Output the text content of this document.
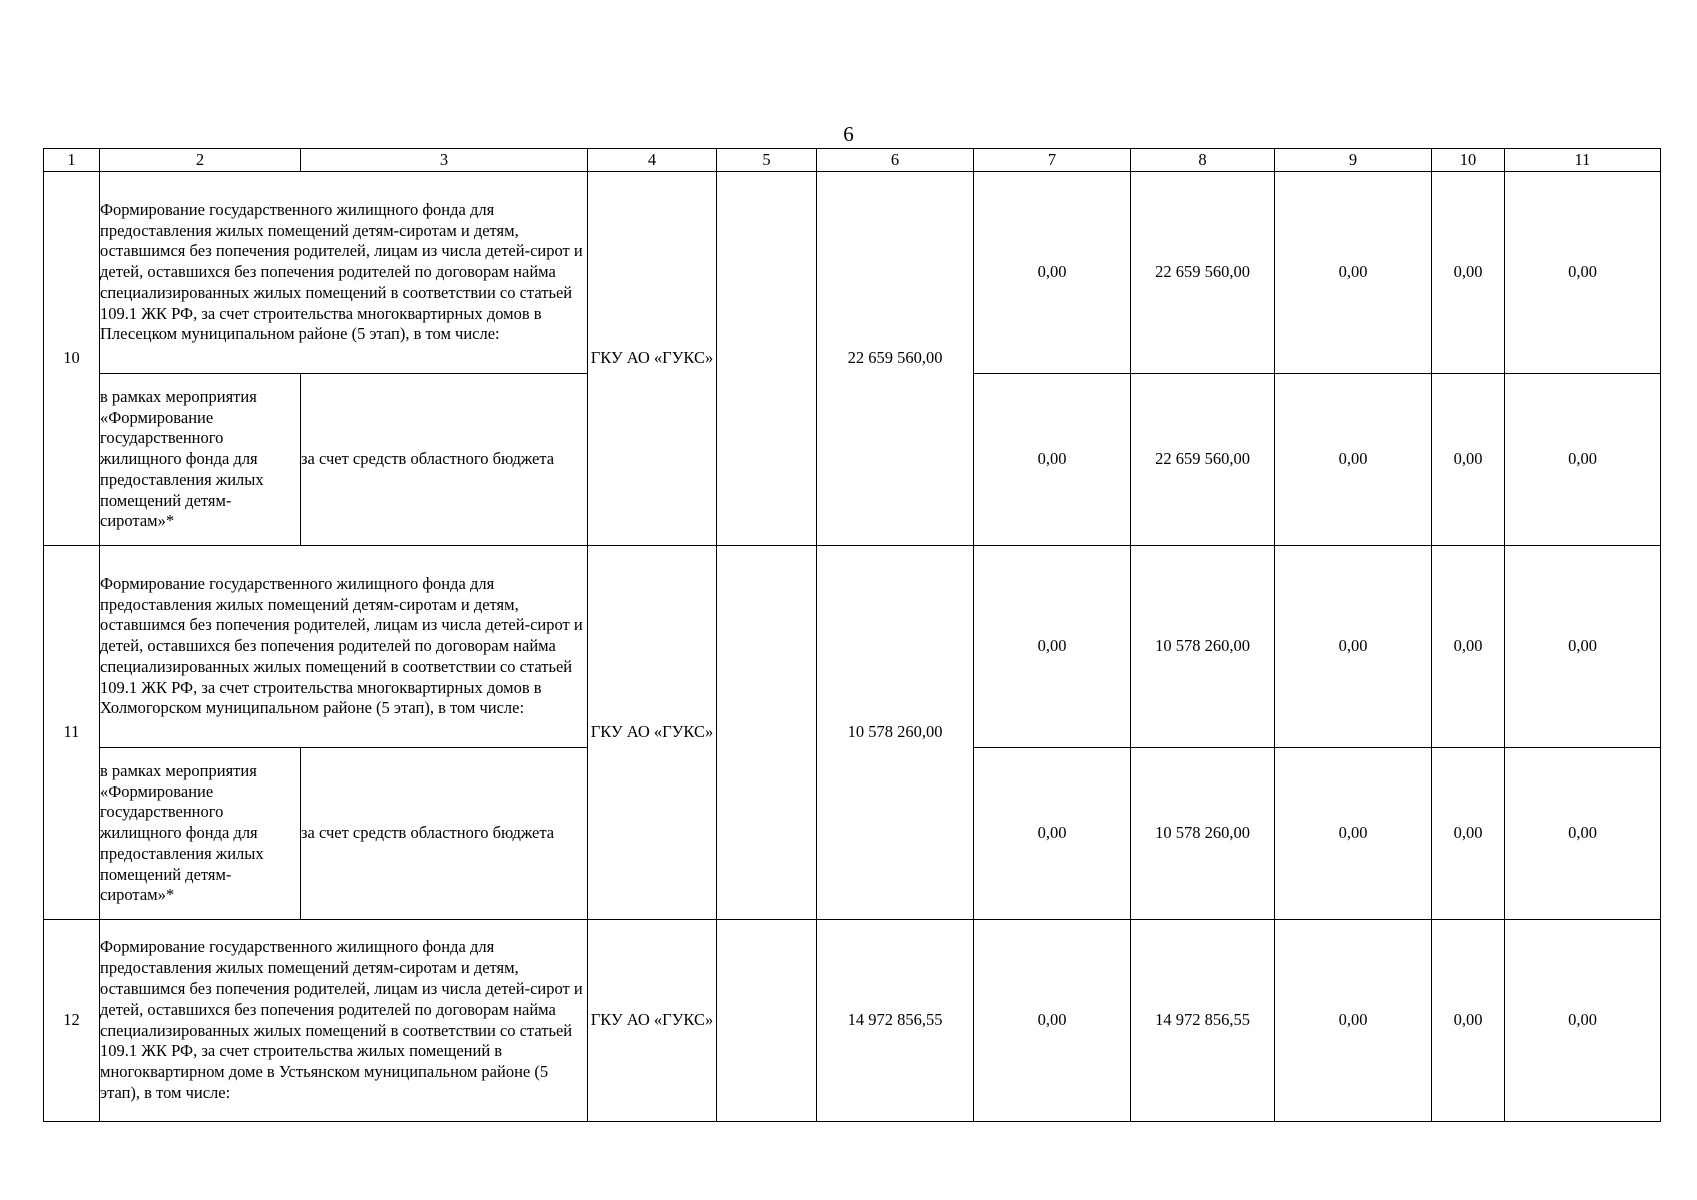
6
1	2	3	4	5	6	7	8	9	10	11
10	Формирование государственного жилищного фонда для предоставления жилых помещений детям-сиротам и детям, оставшимся без попечения родителей, лицам из числа детей-сирот и детей, оставшихся без попечения родителей по договорам найма специализированных жилых помещений в соответствии со статьей 109.1 ЖК РФ, за счет строительства многоквартирных домов в Плесецком муниципальном районе (5 этап), в том числе:		ГКУ АО «ГУКС»		22 659 560,00	0,00	22 659 560,00	0,00	0,00	0,00
	в рамках мероприятия «Формирование государственного жилищного фонда для предоставления жилых помещений детям-сиротам»*	за счет средств областного бюджета				0,00	22 659 560,00	0,00	0,00	0,00
11	Формирование государственного жилищного фонда для предоставления жилых помещений детям-сиротам и детям, оставшимся без попечения родителей, лицам из числа детей-сирот и детей, оставшихся без попечения родителей по договорам найма специализированных жилых помещений в соответствии со статьей 109.1 ЖК РФ, за счет строительства многоквартирных домов в Холмогорском муниципальном районе (5 этап), в том числе:		ГКУ АО «ГУКС»		10 578 260,00	0,00	10 578 260,00	0,00	0,00	0,00
	в рамках мероприятия «Формирование государственного жилищного фонда для предоставления жилых помещений детям-сиротам»*	за счет средств областного бюджета				0,00	10 578 260,00	0,00	0,00	0,00
12	Формирование государственного жилищного фонда для предоставления жилых помещений детям-сиротам и детям, оставшимся без попечения родителей, лицам из числа детей-сирот и детей, оставшихся без попечения родителей по договорам найма специализированных жилых помещений в соответствии со статьей 109.1 ЖК РФ, за счет строительства жилых помещений в многоквартирном доме в Устьянском муниципальном районе (5 этап), в том числе:		ГКУ АО «ГУКС»		14 972 856,55	0,00	14 972 856,55	0,00	0,00	0,00
